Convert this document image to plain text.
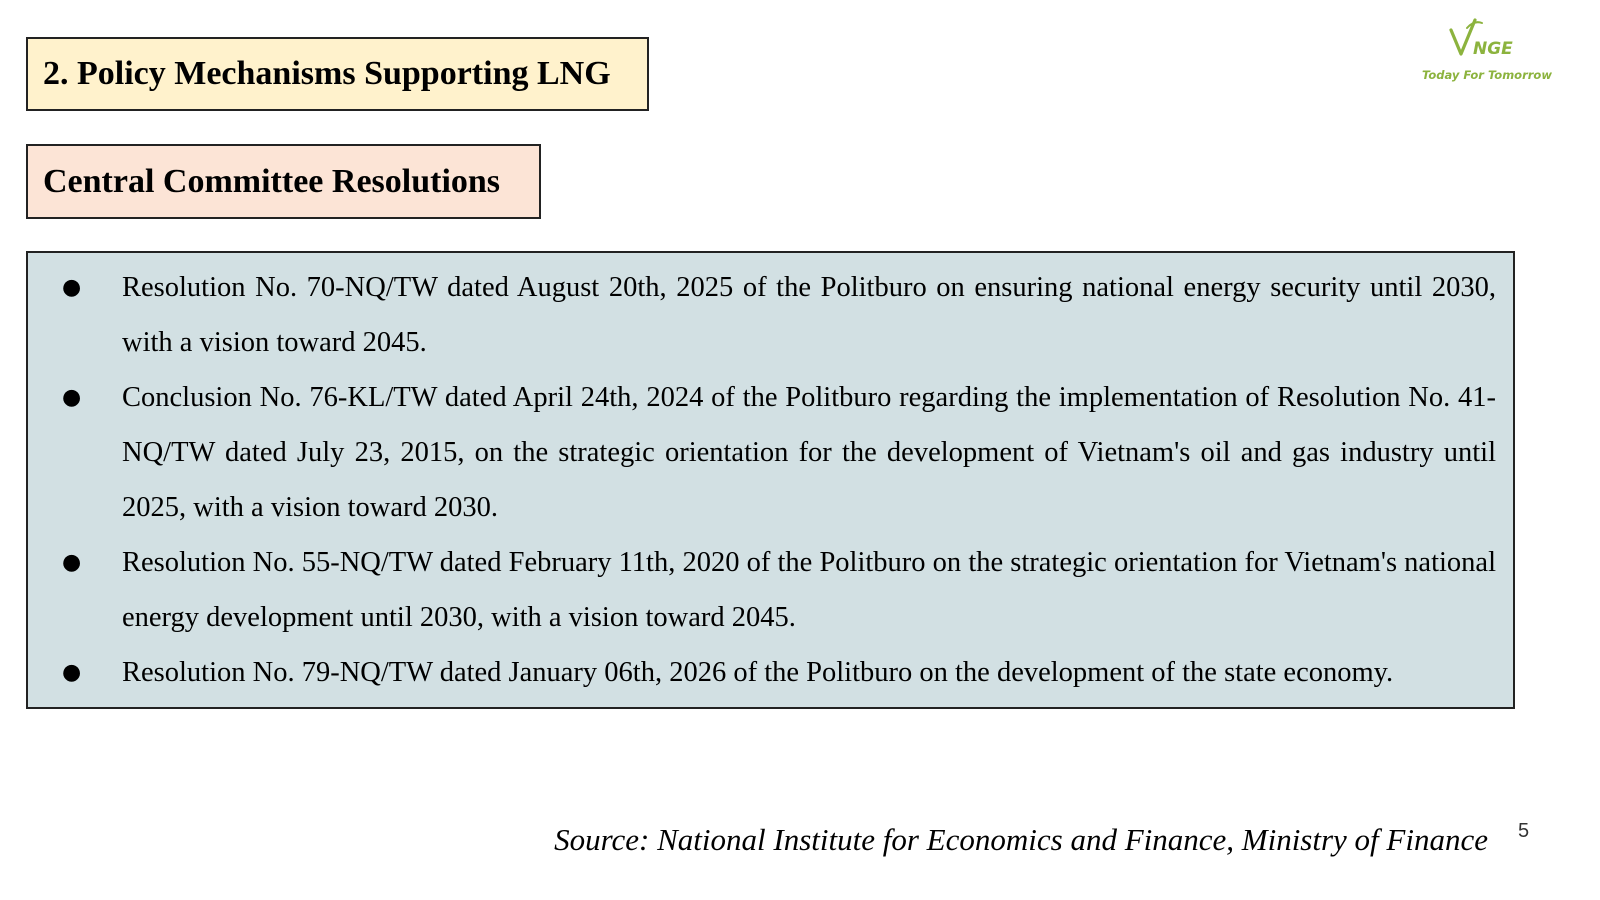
2. Policy Mechanisms Supporting LNG
Central Committee Resolutions
NGE
Today For Tomorrow
● Resolution No. 70-NQ/TW dated August 20th, 2025 of the Politburo on ensuring national energy security until 2030, with a vision toward 2045.
● Conclusion No. 76-KL/TW dated April 24th, 2024 of the Politburo regarding the implementation of Resolution No. 41-NQ/TW dated July 23, 2015, on the strategic orientation for the development of Vietnam's oil and gas industry until 2025, with a vision toward 2030.
● Resolution No. 55-NQ/TW dated February 11th, 2020 of the Politburo on the strategic orientation for Vietnam's national energy development until 2030, with a vision toward 2045.
● Resolution No. 79-NQ/TW dated January 06th, 2026 of the Politburo on the development of the state economy.
Source: National Institute for Economics and Finance, Ministry of Finance 5
